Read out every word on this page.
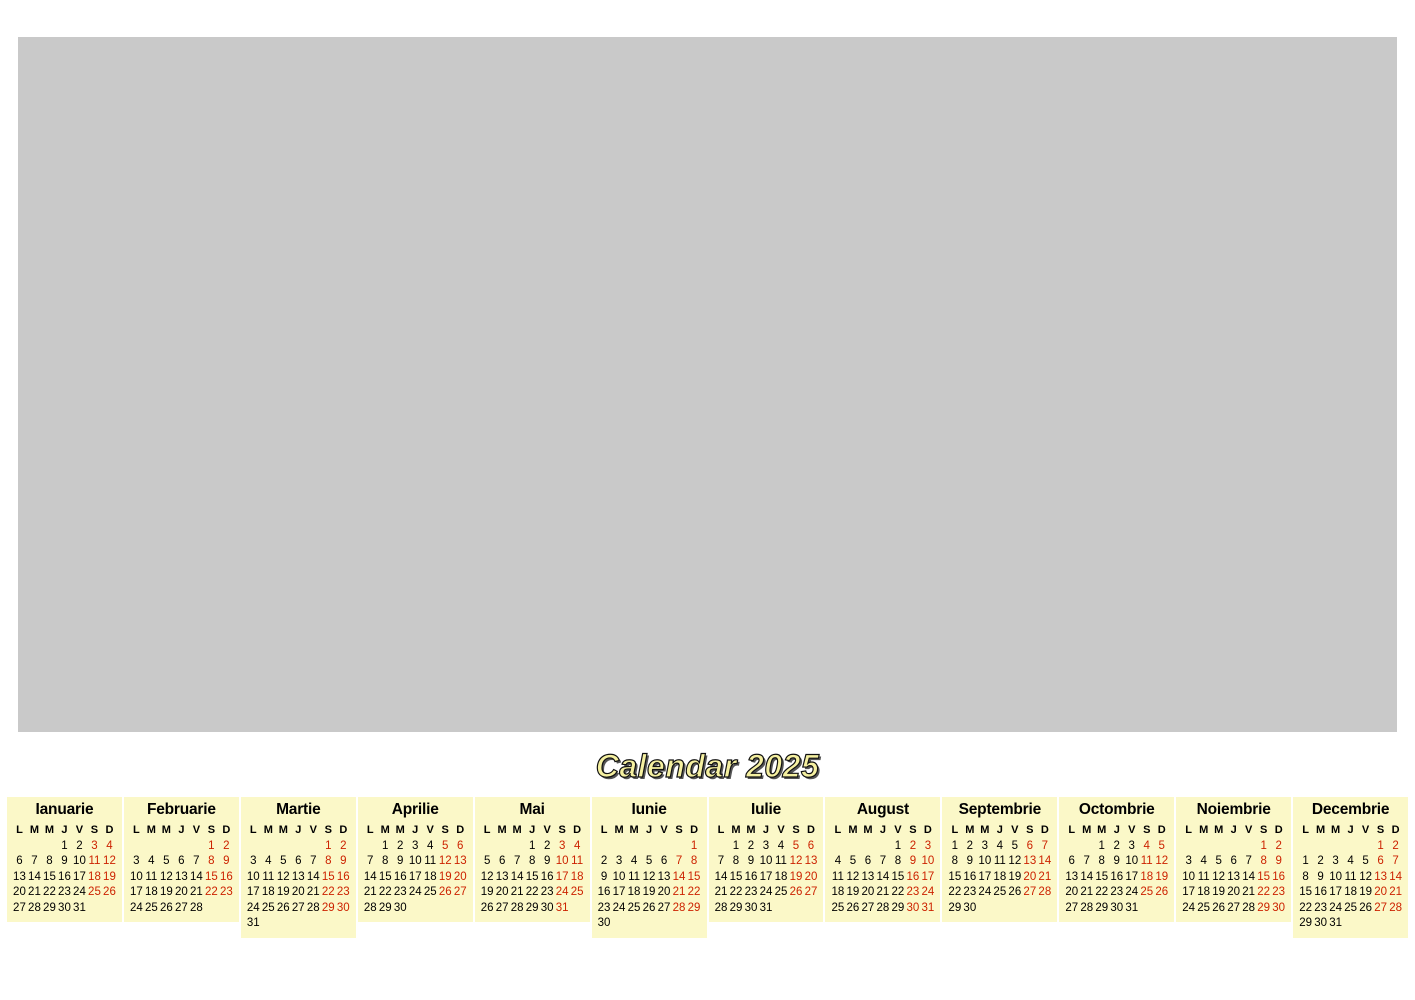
Calendar 2025
Ianuarie
L	M	M	J	V	S	D
			1	2	3	4
6	7	8	9	10	11	12
13	14	15	16	17	18	19
20	21	22	23	24	25	26
27	28	29	30	31		
Februarie
L	M	M	J	V	S	D
					1	2
3	4	5	6	7	8	9
10	11	12	13	14	15	16
17	18	19	20	21	22	23
24	25	26	27	28		
Martie
L	M	M	J	V	S	D
					1	2
3	4	5	6	7	8	9
10	11	12	13	14	15	16
17	18	19	20	21	22	23
24	25	26	27	28	29	30
31						
Aprilie
L	M	M	J	V	S	D
	1	2	3	4	5	6
7	8	9	10	11	12	13
14	15	16	17	18	19	20
21	22	23	24	25	26	27
28	29	30				
Mai
L	M	M	J	V	S	D
			1	2	3	4
5	6	7	8	9	10	11
12	13	14	15	16	17	18
19	20	21	22	23	24	25
26	27	28	29	30	31	
Iunie
L	M	M	J	V	S	D
						1
2	3	4	5	6	7	8
9	10	11	12	13	14	15
16	17	18	19	20	21	22
23	24	25	26	27	28	29
30						
Iulie
L	M	M	J	V	S	D
	1	2	3	4	5	6
7	8	9	10	11	12	13
14	15	16	17	18	19	20
21	22	23	24	25	26	27
28	29	30	31			
August
L	M	M	J	V	S	D
				1	2	3
4	5	6	7	8	9	10
11	12	13	14	15	16	17
18	19	20	21	22	23	24
25	26	27	28	29	30	31
Septembrie
L	M	M	J	V	S	D
1	2	3	4	5	6	7
8	9	10	11	12	13	14
15	16	17	18	19	20	21
22	23	24	25	26	27	28
29	30					
Octombrie
L	M	M	J	V	S	D
		1	2	3	4	5
6	7	8	9	10	11	12
13	14	15	16	17	18	19
20	21	22	23	24	25	26
27	28	29	30	31		
Noiembrie
L	M	M	J	V	S	D
					1	2
3	4	5	6	7	8	9
10	11	12	13	14	15	16
17	18	19	20	21	22	23
24	25	26	27	28	29	30
Decembrie
L	M	M	J	V	S	D
					1	2
1	2	3	4	5	6	7
8	9	10	11	12	13	14
15	16	17	18	19	20	21
22	23	24	25	26	27	28
29	30	31				
